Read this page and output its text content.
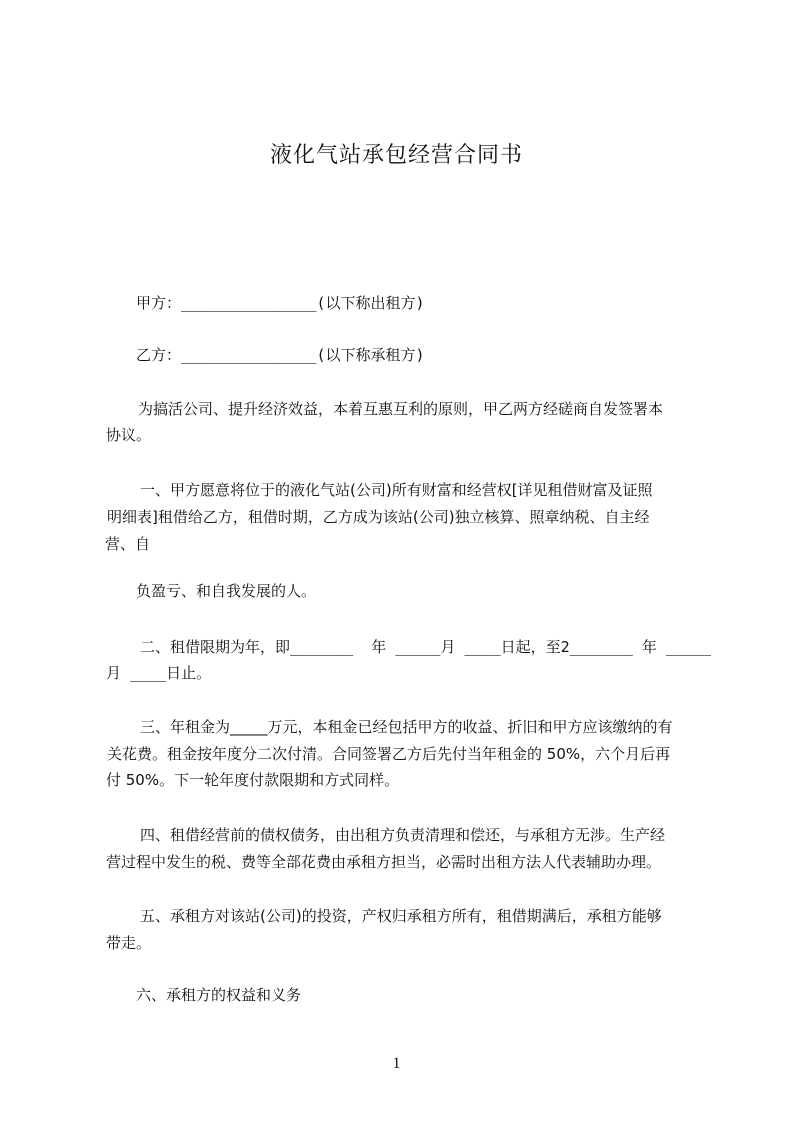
液化气站承包经营合同书
甲方：_______________(以下称出租方)
乙方：_______________(以下称承租方)
为搞活公司、提升经济效益，本着互惠互利的原则，甲乙两方经磋商自发签署本
协议。
一、甲方愿意将位于的液化气站(公司)所有财富和经营权[详见租借财富及证照
明细表]租借给乙方，租借时期，乙方成为该站(公司)独立核算、照章纳税、自主经
营、自
负盈亏、和自我发展的人。
二、租借限期为年，即_______  年 _____月 ____日起，至2_______ 年 _____
月 ____日止。
三、年租金为_____万元，本租金已经包括甲方的收益、折旧和甲方应该缴纳的有
关花费。租金按年度分二次付清。合同签署乙方后先付当年租金的 50%，六个月后再
付 50%。下一轮年度付款限期和方式同样。
四、租借经营前的债权债务，由出租方负责清理和偿还，与承租方无涉。生产经
营过程中发生的税、费等全部花费由承租方担当，必需时出租方法人代表辅助办理。
五、承租方对该站(公司)的投资，产权归承租方所有，租借期满后，承租方能够
带走。
六、承租方的权益和义务
1
